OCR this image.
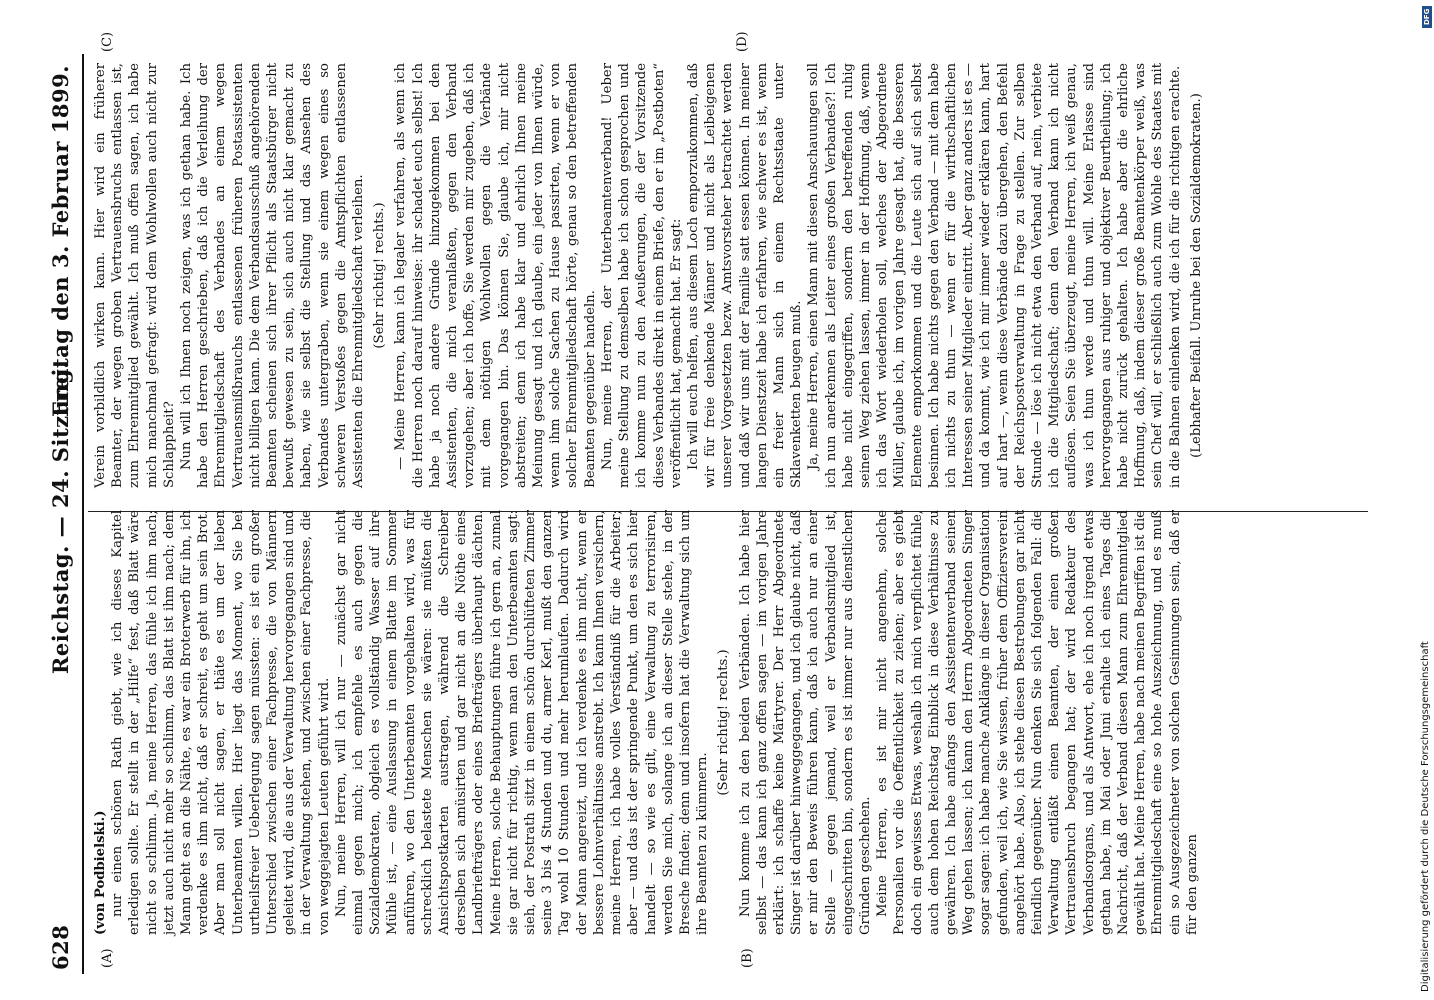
628
Reichstag. — 24. Sitzung.
Freitag den 3. Februar 1899.
(A)	(B)
(C)	(D)

(von Podbielski.) nur einen schönen Rath giebt, wie ich dieses Kapitel erledigen sollte. Er stellt in der „Hilfe“ fest, daß Blatt wäre nicht so schlimm. Ja, meine Herren, das fühle ich ihm nach; jetzt auch nicht mehr so schlimm, das Blatt ist ihm nach; dem Mann geht es an die Nähte, es war ein Broterwerb für ihn, ich verdenke es ihm nicht, daß er schreit, es geht um sein Brot. Aber man soll nicht sagen, er thäte es um der lieben Unterbeamten willen. Hier liegt das Moment, wo Sie bei urtheilsfreier Ueberlegung sagen müssten: es ist ein großer Unterschied zwischen einer Fachpresse, die von Männern geleitet wird, die aus der Verwaltung hervorgegangen sind und in der Verwaltung stehen, und zwischen einer Fachpresse, die von weggejagten Leuten geführt wird. Nun, meine Herren, will ich nur — zunächst gar nicht einmal gegen mich; ich empfehle es auch gegen die Sozialdemokraten, obgleich es vollständig Wasser auf ihre Mühle ist, — eine Auslassung in einem Blatte im Sommer anführen, wo den Unterbeamten vorgehalten wird, was für schrecklich belastete Menschen sie wären: sie müßten die Ansichtspostkarten austragen, während die Schreiber derselben sich amüsirten und gar nicht an die Nöthe eines Landbriefträgers oder eines Briefträgers überhaupt dächten. Meine Herren, solche Behauptungen führe ich gern an, zumal sie gar nicht für richtig, wenn man den Unterbeamten sagt: sieh, der Postrath sitzt in einem schön durchlüfteten Zimmer seine 3 bis 4 Stunden und du, armer Kerl, mußt den ganzen Tag wohl 10 Stunden und mehr herumlaufen. Dadurch wird der Mann angereizt, und ich verdenke es ihm nicht, wenn er bessere Lohnverhältnisse anstrebt. Ich kann Ihnen versichern, meine Herren, ich habe volles Verständniß für die Arbeiter; aber — und das ist der springende Punkt, um den es sich hier handelt — so wie es gilt, eine Verwaltung zu terrorisiren, werden Sie mich, solange ich an dieser Stelle stehe, in der Bresche finden; denn und insofern hat die Verwaltung sich um ihre Beamten zu kümmern.

(Sehr richtig! rechts.) Nun komme ich zu den beiden Verbänden. Ich habe hier selbst — das kann ich ganz offen sagen — im vorigen Jahre erklärt: ich schaffe keine Märtyrer. Der Herr Abgeordnete Singer ist darüber hinweggegangen, und ich glaube nicht, daß er mir den Beweis führen kann, daß ich auch nur an einer Stelle — gegen jemand, weil er Verbandsmitglied ist, eingeschritten bin, sondern es ist immer nur aus dienstlichen Gründen geschehen. Meine Herren, es ist mir nicht angenehm, solche Personalien vor die Oeffentlichkeit zu ziehen; aber es giebt doch ein gewisses Etwas, weshalb ich mich verpflichtet fühle, auch dem hohen Reichstag Einblick in diese Verhältnisse zu gewähren. Ich habe anfangs den Assistentenverband seinen Weg gehen lassen; ich kann den Herrn Abgeordneten Singer sogar sagen: ich habe manche Anklänge in dieser Organisation gefunden, weil ich, wie Sie wissen, früher dem Offiziersverein angehört habe. Also, ich stehe diesen Bestrebungen gar nicht feindlich gegenüber. Nun denken Sie sich folgenden Fall: die Verwaltung entläßt einen Beamten, der einen großen Vertrauensbruch begangen hat; der wird Redakteur des Verbandsorgans, und als Antwort, ehe ich noch irgend etwas gethan habe, im Mai oder Juni erhalte ich eines Tages die Nachricht, daß der Verband diesen Mann zum Ehrenmitglied gewählt hat. Meine Herren, habe nach meinen Begriffen ist die Ehrenmitgliedschaft eine so hohe Auszeichnung, und es muß ein so Ausgezeichneter von solchen Gesinnungen sein, daß er für den ganzen

Verein vorbildlich wirken kann. Hier wird ein früherer Beamter, der wegen groben Vertrauensbruchs entlassen ist, zum Ehrenmitglied gewählt. Ich muß offen sagen, ich habe mich manchmal gefragt: wird dem Wohlwollen auch nicht zur Schlappheit? Nun will ich Ihnen noch zeigen, was ich gethan habe. Ich habe den Herren geschrieben, daß ich die Verleihung der Ehrenmitgliedschaft des Verbandes an einem wegen Vertrauensmißbrauchs entlassenen früheren Postassistenten nicht billigen kann. Die dem Verbandsausschuß angehörenden Beamten scheinen sich ihrer Pflicht als Staatsbürger nicht bewußt gewesen zu sein, sich auch nicht klar gemacht zu haben, wie sie selbst die Stellung und das Ansehen des Verbandes untergraben, wenn sie einem wegen eines so schweren Verstoßes gegen die Amtspflichten entlassenen Assistenten die Ehrenmitgliedschaft verleihen. (Sehr richtig! rechts.) — Meine Herren, kann ich legaler verfahren, als wenn ich die Herren noch darauf hinweise: ihr schadet euch selbst! Ich habe ja noch andere Gründe hinzugekommen bei den Assistenten, die mich veranlaßten, gegen den Verband vorzugehen; aber ich hoffe, Sie werden mir zugeben, daß ich mit dem nöthigen Wohlwollen gegen die Verbände vorgegangen bin. Das können Sie, glaube ich, mir nicht abstreiten; denn ich habe klar und ehrlich Ihnen meine Meinung gesagt und ich glaube, ein jeder von Ihnen würde, wenn ihm solche Sachen zu Hause passirten, wenn er von solcher Ehrenmitgliedschaft hörte, genau so den betreffenden Beamten gegenüber handeln. Nun, meine Herren, der Unterbeamtenverband! Ueber meine Stellung zu demselben habe ich schon gesprochen und ich komme nun zu den Aeußerungen, die der Vorsitzende dieses Verbandes direkt in einem Briefe, den er im „Postboten“ veröffentlicht hat, gemacht hat. Er sagt: Ich will euch helfen, aus diesem Loch emporzukommen, daß wir für freie denkende Männer und nicht als Leibeigenen unserer Vorgesetzten bezw. Amtsvorsteher betrachtet werden und daß wir uns mit der Familie satt essen können. In meiner langen Dienstzeit habe ich erfahren, wie schwer es ist, wenn ein freier Mann sich in einem Rechtsstaate unter Sklavenketten beugen muß. Ja, meine Herren, einen Mann mit diesen Anschauungen soll ich nun anerkennen als Leiter eines großen Verbandes?! Ich habe nicht eingegriffen, sondern den betreffenden ruhig seinen Weg ziehen lassen, immer in der Hoffnung, daß, wenn ich das Wort wiederholen soll, welches der Abgeordnete Müller, glaube ich, im vorigen Jahre gesagt hat, die besseren Elemente emporkommen und die Leute sich auf sich selbst besinnen. Ich habe nichts gegen den Verband — mit dem habe ich nichts zu thun — wenn er für die wirthschaftlichen Interessen seiner Mitglieder eintritt. Aber ganz anders ist es — und da kommt, wie ich mir immer wieder erklären kann, hart auf hart —, wenn diese Verbände dazu übergehen, den Befehl der Reichspostverwaltung in Frage zu stellen. Zur selben Stunde — löse ich nicht etwa den Verband auf, nein, verbiete ich die Mitgliedschaft; denn den Verband kann ich nicht auflösen. Seien Sie überzeugt, meine Herren, ich weiß genau, was ich thun werde und thun will. Meine Erlasse sind hervorgegangen aus ruhiger und objektiver Beurtheilung; ich habe nicht zurück gehalten. Ich habe aber die ehrliche Hoffnung, daß, indem dieser große Beamtenkörper weiß, was sein Chef will, er schließlich auch zum Wohle des Staates mit in die Bahnen einlenken wird, die ich für die richtigen erachte. (Lebhafter Beifall. Unruhe bei den Sozialdemokraten.)

Digitalisierung gefördert durch die Deutsche Forschungsgemeinschaft
DFG
